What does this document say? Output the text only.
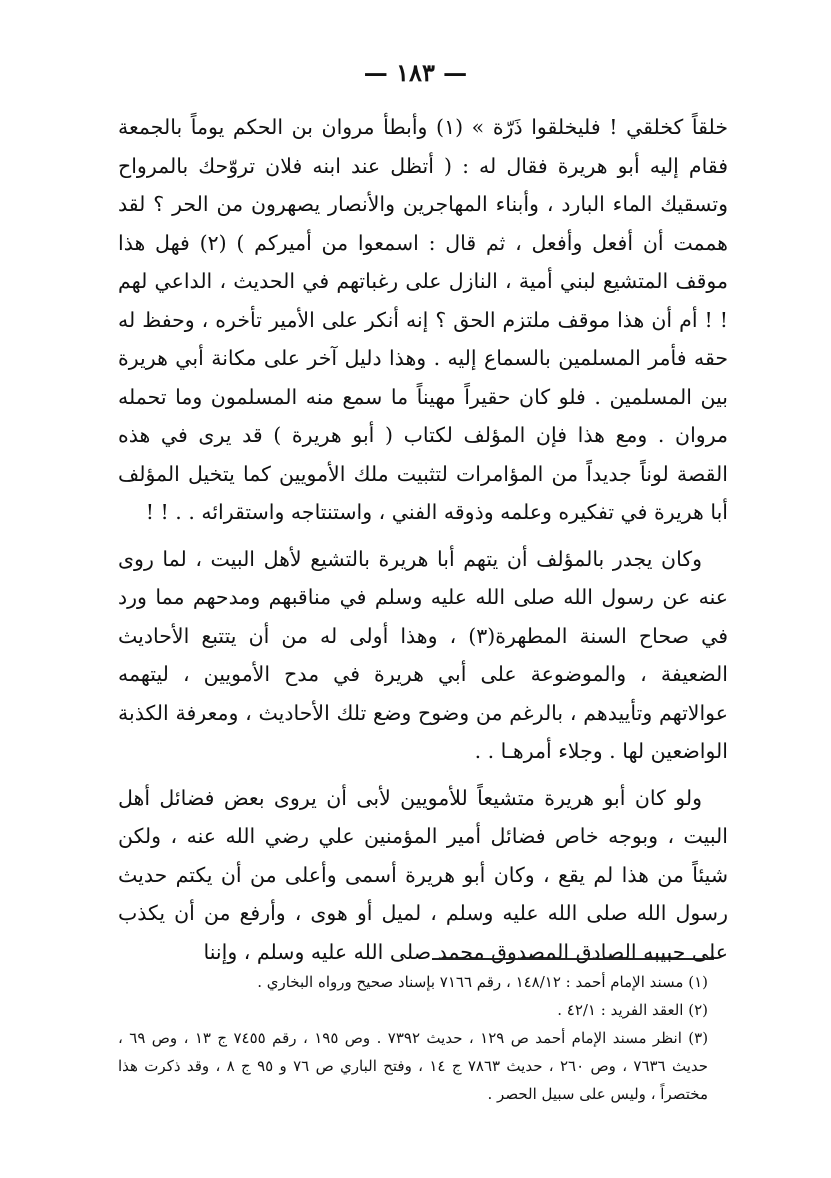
— ١٨٣ —

خلقاً كخلقي ! فليخلقوا ذَرّة » (١) وأبطأ مروان بن الحكم يوماً بالجمعة فقام إليه أبو هريرة فقال له : ( أتظل عند ابنه فلان تروّحك بالمرواح وتسقيك الماء البارد ، وأبناء المهاجرين والأنصار يصهرون من الحر ؟ لقد هممت أن أفعل وأفعل ، ثم قال : اسمعوا من أميركم ) (٢) فهل هذا موقف المتشيع لبني أمية ، النازل على رغباتهم في الحديث ، الداعي لهم ! ! أم أن هذا موقف ملتزم الحق ؟ إنه أنكر على الأمير تأخره ، وحفظ له حقه فأمر المسلمين بالسماع إليه . وهذا دليل آخر على مكانة أبي هريرة بين المسلمين . فلو كان حقيراً مهيناً ما سمع منه المسلمون وما تحمله مروان . ومع هذا فإن المؤلف لكتاب ( أبو هريرة ) قد يرى في هذه القصة لوناً جديداً من المؤامرات لتثبيت ملك الأمويين كما يتخيل المؤلف أبا هريرة في تفكيره وعلمه وذوقه الفني ، واستنتاجه واستقرائه . . ! !

وكان يجدر بالمؤلف أن يتهم أبا هريرة بالتشيع لأهل البيت ، لما روى عنه عن رسول الله صلى الله عليه وسلم في مناقبهم ومدحهم مما ورد في صحاح السنة المطهرة(٣) ، وهذا أولى له من أن يتتبع الأحاديث الضعيفة ، والموضوعة على أبي هريرة في مدح الأمويين ، ليتهمه عوالاتهم وتأييدهم ، بالرغم من وضوح وضع تلك الأحاديث ، ومعرفة الكذبة الواضعين لها . وجلاء أمرهـا . .

ولو كان أبو هريرة متشيعاً للأمويين لأبى أن يروى بعض فضائل أهل البيت ، وبوجه خاص فضائل أمير المؤمنين علي رضي الله عنه ، ولكن شيئاً من هذا لم يقع ، وكان أبو هريرة أسمى وأعلى من أن يكتم حديث رسول الله صلى الله عليه وسلم ، لميل أو هوى ، وأرفع من أن يكذب على حبيبه الصادق المصدوق محمد صلى الله عليه وسلم ، وإننا

(١) مسند الإمام أحمد : ١٤٨/١٢ ، رقم ٧١٦٦ بإسناد صحيح ورواه البخاري .

(٢) العقد الفريد : ٤٢/١ .

(٣) انظر مسند الإمام أحمد ص ١٢٩ ، حديث ٧٣٩٢ . وص ١٩٥ ، رقم ٧٤٥٥ ج ١٣ ، وص ٦٩ ، حديث ٧٦٣٦ ، وص ٢٦٠ ، حديث ٧٨٦٣ ج ١٤ ، وفتح الباري ص ٧٦ و ٩٥ ج ٨ ، وقد ذكرت هذا مختصراً ، وليس على سبيل الحصر .
